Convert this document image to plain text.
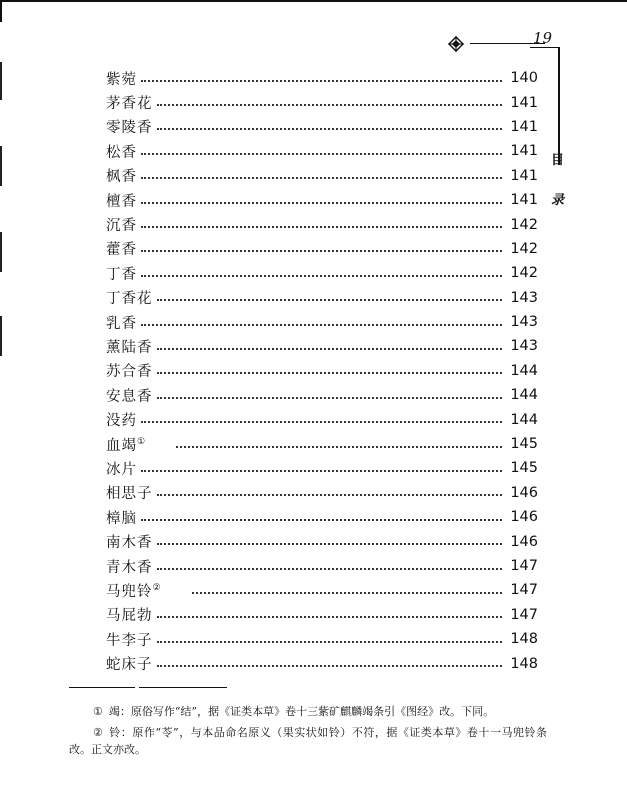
19
目
录
紫菀	140
茅香花	141
零陵香	141
松香	141
枫香	141
檀香	141
沉香	142
藿香	142
丁香	142
丁香花	143
乳香	143
薰陆香	143
苏合香	144
安息香	144
没药	144
血竭①	145
冰片	145
相思子	146
樟脑	146
南木香	146
青木香	147
马兜铃②	147
马屁勃	147
牛李子	148
蛇床子	148

① 竭：原俗写作“结”，据《证类本草》卷十三紫矿麒麟竭条引《图经》改。下同。

② 铃：原作“苓”，与本品命名原义（果实状如铃）不符，据《证类本草》卷十一马兜铃条改。正文亦改。
